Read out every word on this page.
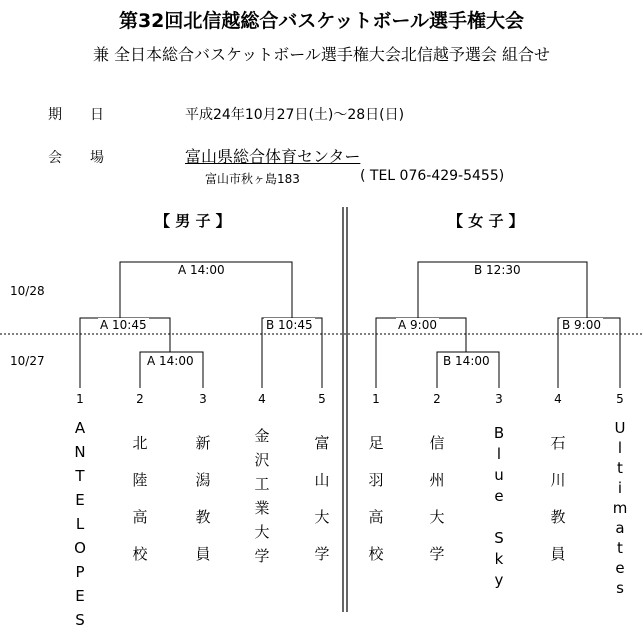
第32回北信越総合バスケットボール選手権大会
兼 全日本総合バスケットボール選手権大会北信越予選会 組合せ
期　　日	平成24年10月27日(土)～28日(日)
会　　場	富山県総合体育センター
富山市秋ヶ島183	( TEL 076-429-5455)
【 男 子 】	【 女 子 】
10/28
10/27
A 14:00
A 10:45	B 10:45
A 14:00
B 12:30
A 9:00	B 9:00
B 14:00
1	2	3	4	5	1	2	3	4	5
A
N
T
E
L
O
P
E
S
北
陸
高
校
新
潟
教
員
金
沢
工
業
大
学
富
山
大
学
足
羽
高
校
信
州
大
学
B
l
u
e

S
k
y
石
川
教
員
U
l
t
i
m
a
t
e
s
